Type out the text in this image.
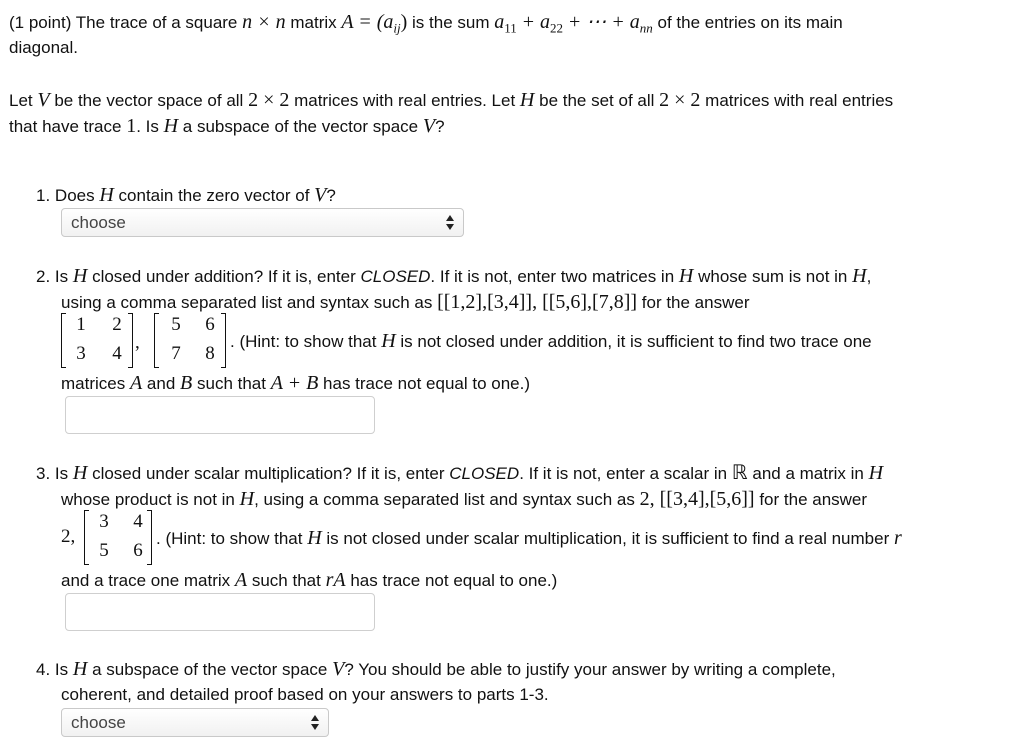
(1 point) The trace of a square n × n matrix $A = (a_{ij})$ is the sum $a_{11} + a_{22}$ + ⋯ + $a_{nn}$ of the entries on its main
diagonal.
Let V be the vector space of all 2 × 2 matrices with real entries. Let H be the set of all 2 × 2 matrices with real entries
that have trace 1. Is H a subspace of the vector space V?
1. Does H contain the zero vector of V?
choose
2. Is H closed under addition? If it is, enter CLOSED. If it is not, enter two matrices in H whose sum is not in H,
using a comma separated list and syntax such as [[1,2],[3,4]], [[5,6],[7,8]] for the answer
1 2
3 4
,
5 6
7 8
. (Hint: to show that H is not closed under addition, it is sufficient to find two trace one
matrices A and B such that A + B has trace not equal to one.)
3. Is H closed under scalar multiplication? If it is, enter CLOSED. If it is not, enter a scalar in ℝ and a matrix in H
whose product is not in H, using a comma separated list and syntax such as 2, [[3,4],[5,6]] for the answer
2,
3 4
5 6
. (Hint: to show that H is not closed under scalar multiplication, it is sufficient to find a real number r
and a trace one matrix A such that rA has trace not equal to one.)
4. Is H a subspace of the vector space V? You should be able to justify your answer by writing a complete,
coherent, and detailed proof based on your answers to parts 1-3.
choose
